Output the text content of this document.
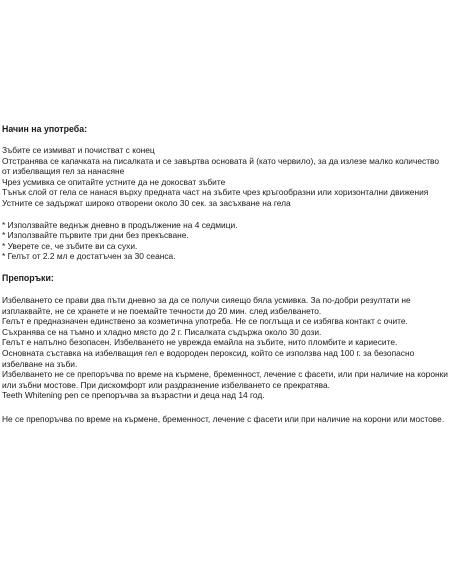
Начин на употреба:

Зъбите се измиват и почистват с конец

Отстранява се капачката на писалката и се завъртва основата й (като червило), за да излезе малко количество от избелващия гел за нанасяне

Чрез усмивка се опитайте устните да не докосват зъбите

Тънък слой от гела се нанася върху предната част на зъбите чрез кръгообразни или хоризонтални движения

Устните се задържат широко отворени около 30 сек. за засъхване на гела

* Използвайте веднъж дневно в продължение на 4 седмици.

* Използвайте първите три дни без прекъсване.

* Уверете се, че зъбите ви са сухи.

* Гелът от 2.2 мл е достатъчен за 30 сеанса.

Препоръки:

Избелването се прави два пъти дневно за да се получи сияещо бяла усмивка. За по-добри резултати не изплаквайте, не се хранете и не поемайте течности до 20 мин. след избелването.

Гелът е предназначен единствено за козметична употреба. Не се поглъща и се избягва контакт с очите.

Съхранява се на тъмно и хладно място до 2 г. Писалката съдържа около 30 дози.

Гелът е напълно безопасен. Избелването не уврежда емайла на зъбите, нито пломбите и кариесите.

Основната съставка на избелващия гел е водороден пероксид, който се използва над 100 г. за безопасно избелване на зъби.

Избелването не се препоръчва по време на кърмене, бременност, лечение с фасети, или при наличие на коронки или зъбни мостове. При дискомфорт или раздразнение избелването се прекратява.

Teeth Whitening pen се препоръчва за възрастни и деца над 14 год.

Не се препоръчва по време на кърмене, бременност, лечение с фасети или при наличие на корони или мостове.
